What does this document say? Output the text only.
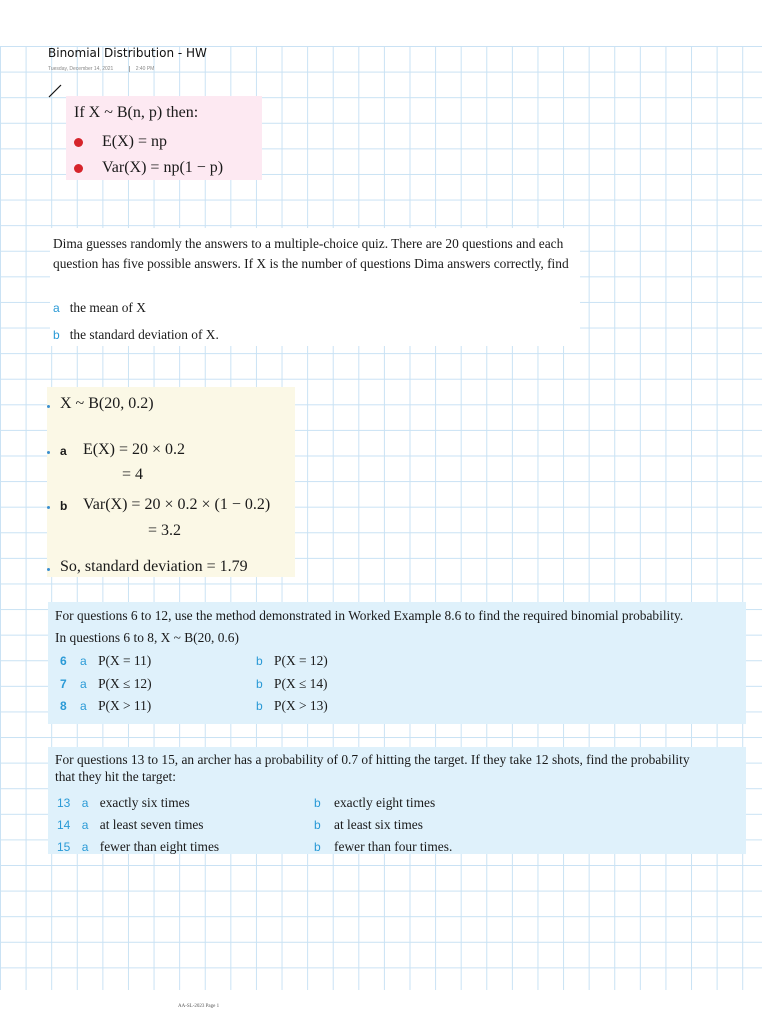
Binomial Distribution - HW
Tuesday, December 14, 2021	2:40 PM
If X ~ B(n, p) then:
E(X) = np
Var(X) = np(1 − p)
Dima guesses randomly the answers to a multiple-choice quiz. There are 20 questions and each question has five possible answers. If X is the number of questions Dima answers correctly, find
a the mean of X
b the standard deviation of X.
X ~ B(20, 0.2)
a E(X) = 20 × 0.2
= 4
b Var(X) = 20 × 0.2 × (1 − 0.2)
= 3.2
So, standard deviation = 1.79
For questions 6 to 12, use the method demonstrated in Worked Example 8.6 to find the required binomial probability.
In questions 6 to 8, X ~ B(20, 0.6)
6 a P(X = 11)	b P(X = 12)
7 a P(X ≤ 12)	b P(X ≤ 14)
8 a P(X > 11)	b P(X > 13)
For questions 13 to 15, an archer has a probability of 0.7 of hitting the target. If they take 12 shots, find the probability
that they hit the target:
13 a exactly six times	b exactly eight times
14 a at least seven times	b at least six times
15 a fewer than eight times	b fewer than four times.
AA-SL-2023 Page 1
